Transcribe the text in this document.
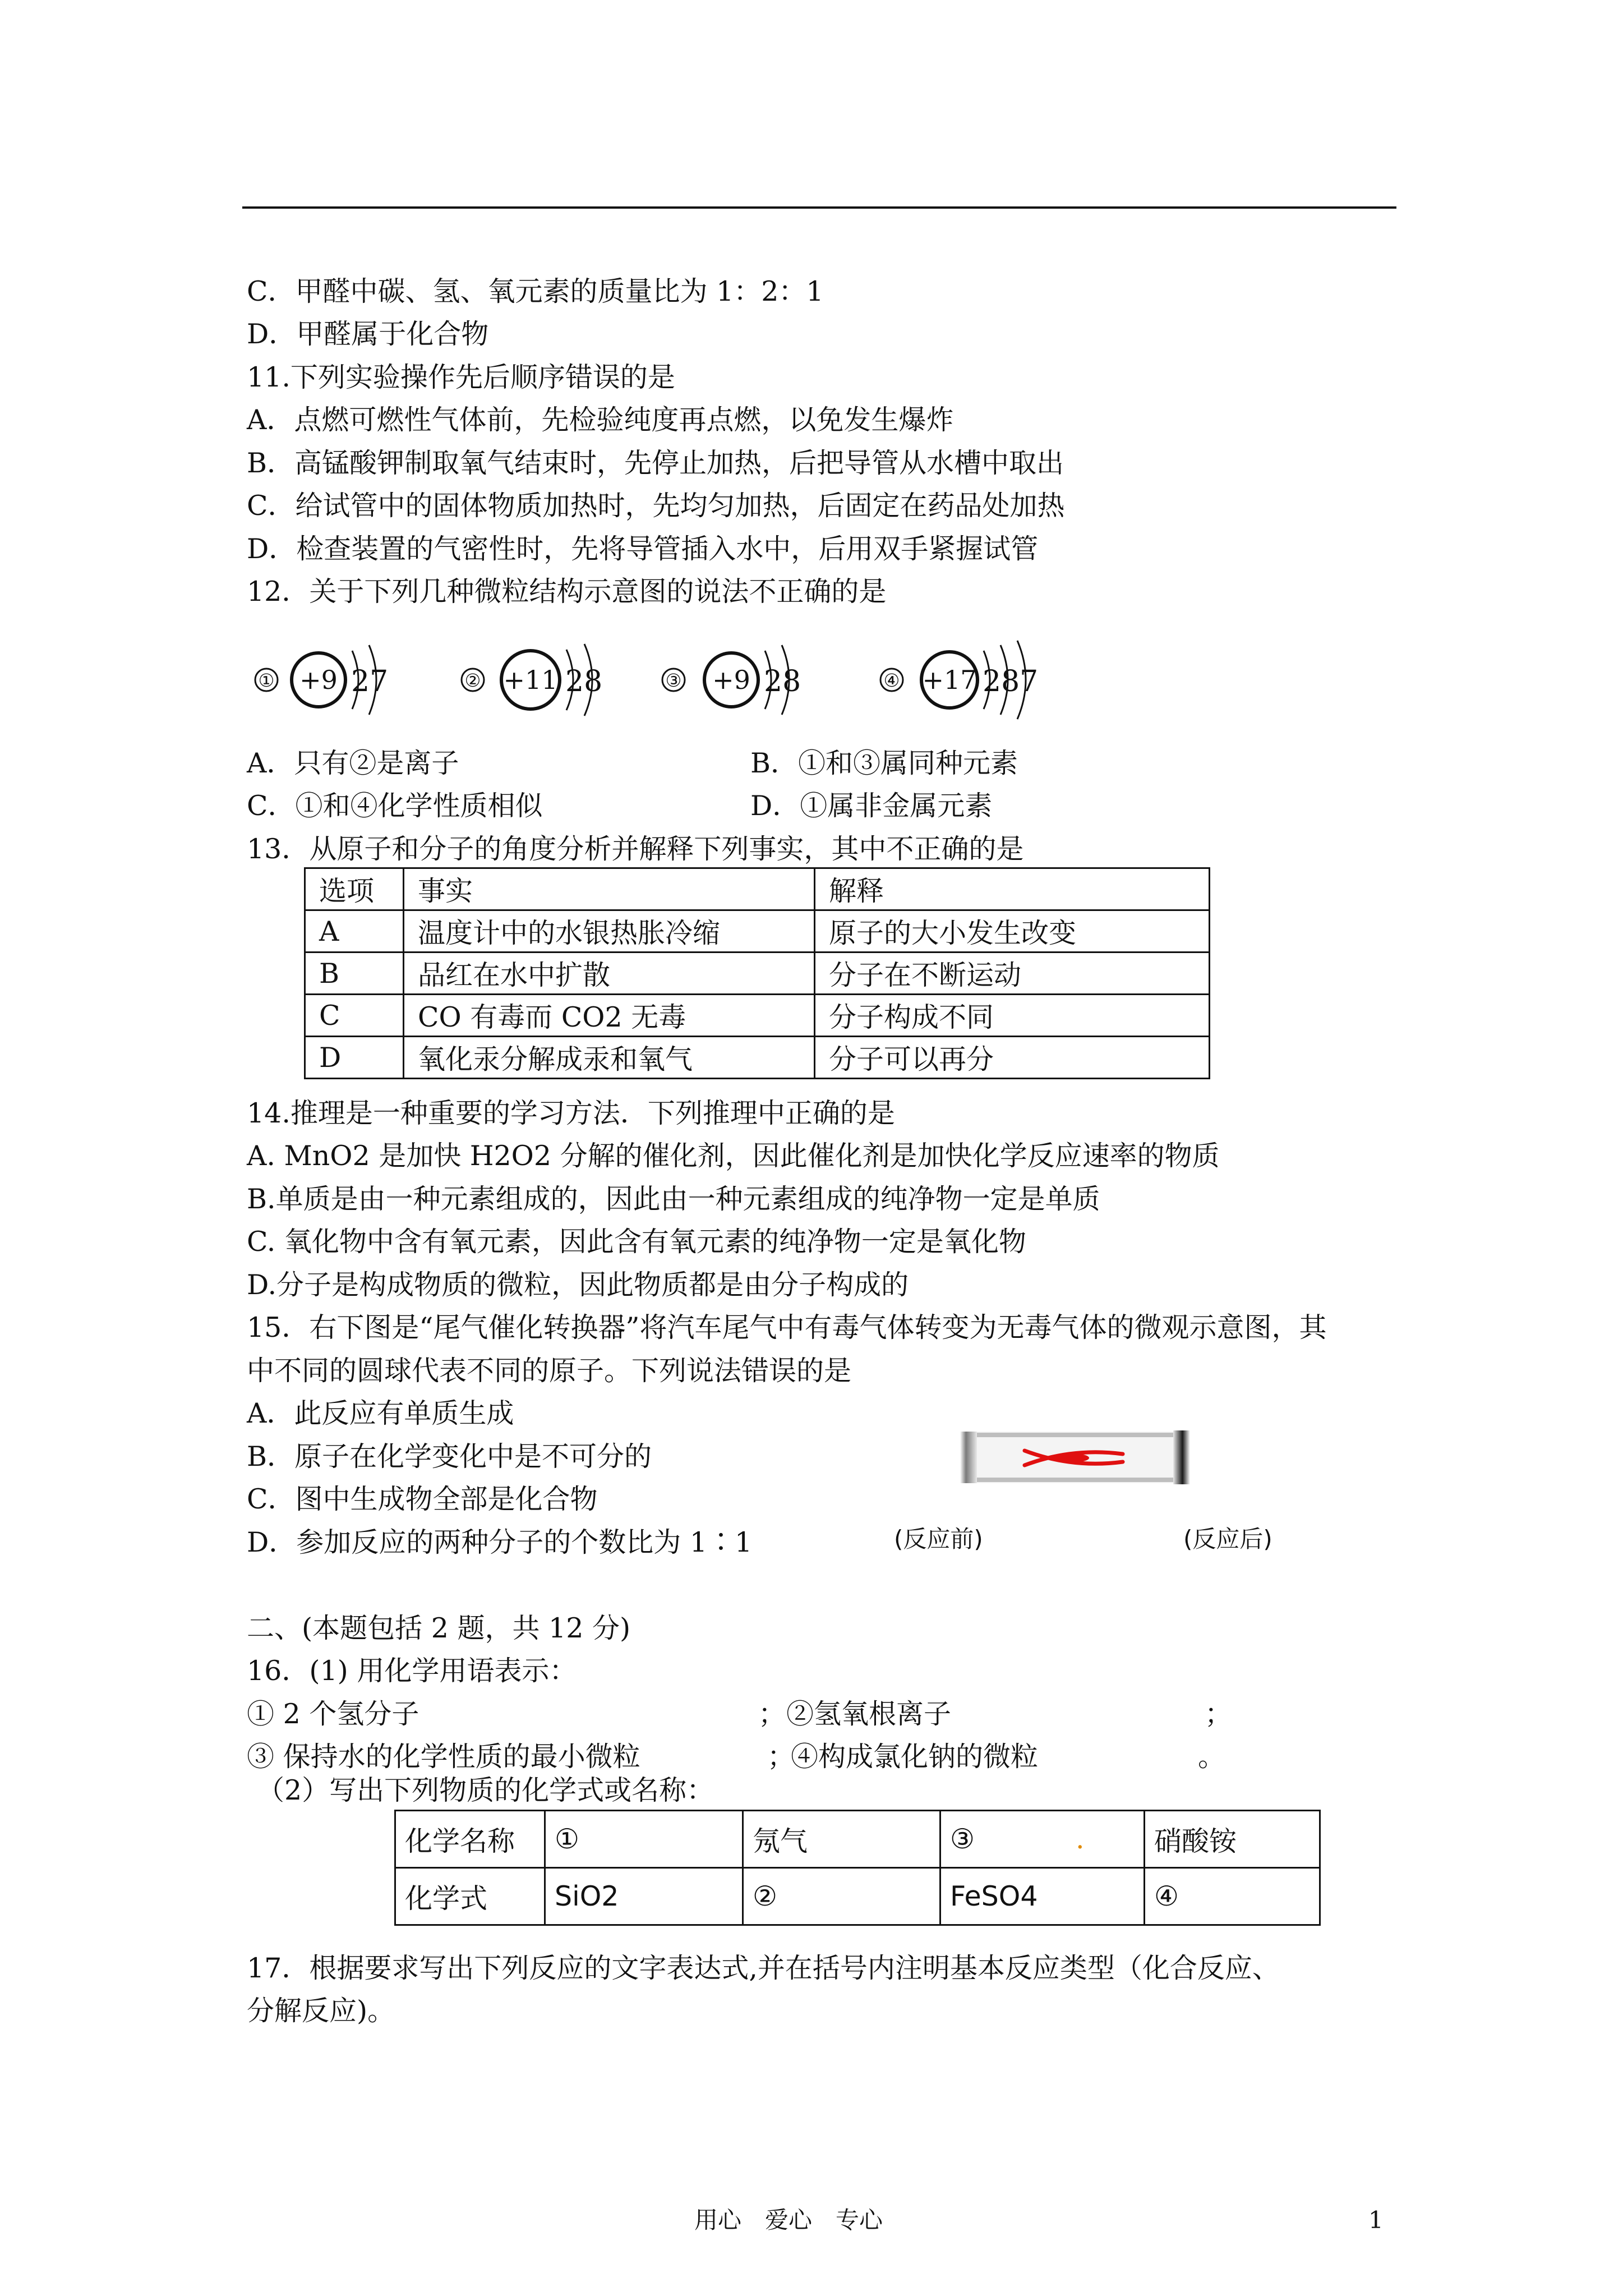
C．甲醛中碳、氢、氧元素的质量比为 1：2：1
D．甲醛属于化合物
11.下列实验操作先后顺序错误的是
A．点燃可燃性气体前，先检验纯度再点燃，以免发生爆炸
B．高锰酸钾制取氧气结束时，先停止加热，后把导管从水槽中取出
C．给试管中的固体物质加热时，先均匀加热，后固定在药品处加热
D．检查装置的气密性时，先将导管插入水中，后用双手紧握试管
12．关于下列几种微粒结构示意图的说法不正确的是
① +9 27	② +11 28	③ +9 28	④ +17 287
A．只有②是离子	B．①和③属同种元素
C．①和④化学性质相似	D．①属非金属元素
13．从原子和分子的角度分析并解释下列事实，其中不正确的是
选项	事实	解释
A	温度计中的水银热胀冷缩	原子的大小发生改变
B	品红在水中扩散	分子在不断运动
C	CO 有毒而 CO2 无毒	分子构成不同
D	氧化汞分解成汞和氧气	分子可以再分
14.推理是一种重要的学习方法．下列推理中正确的是
A. MnO2 是加快 H2O2 分解的催化剂，因此催化剂是加快化学反应速率的物质
B.单质是由一种元素组成的，因此由一种元素组成的纯净物一定是单质
C. 氧化物中含有氧元素，因此含有氧元素的纯净物一定是氧化物
D.分子是构成物质的微粒，因此物质都是由分子构成的
15．右下图是“尾气催化转换器”将汽车尾气中有毒气体转变为无毒气体的微观示意图，其
中不同的圆球代表不同的原子。下列说法错误的是
A．此反应有单质生成
B．原子在化学变化中是不可分的
C．图中生成物全部是化合物
D．参加反应的两种分子的个数比为 1∶1	(反应前)	(反应后)
二、(本题包括 2 题，共 12 分)
16．(1) 用化学用语表示：
① 2 个氢分子	； ②氢氧根离子	；
③ 保持水的化学性质的最小微粒	；
④构成氯化钠的微粒	。
（2）写出下列物质的化学式或名称：
化学名称	①	氖气	③ .	硝酸铵
化学式	SiO2	②	FeSO4	④
17．根据要求写出下列反应的文字表达式,并在括号内注明基本反应类型（化合反应、
分解反应)。
用心　爱心　专心	1
